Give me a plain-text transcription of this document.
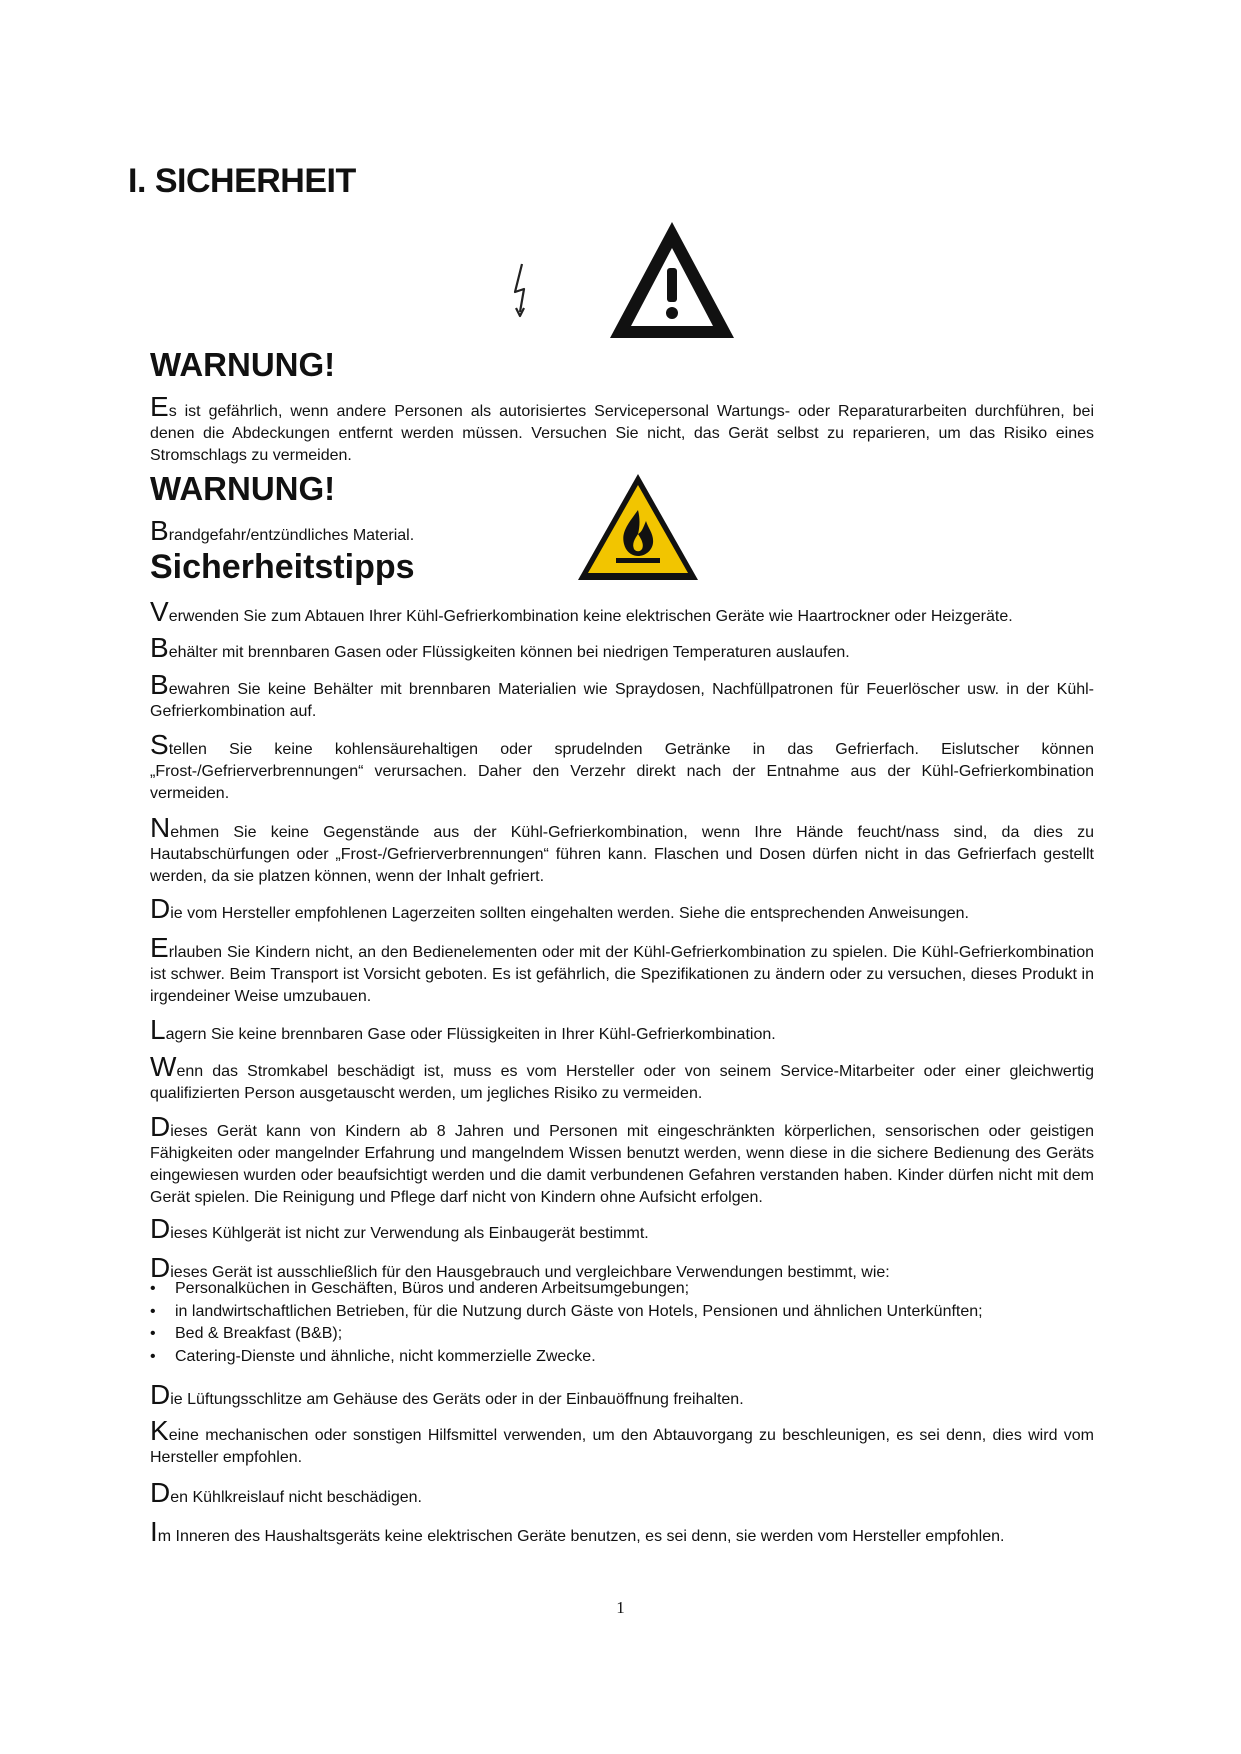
I. SICHERHEIT
WARNUNG!
Es ist gefährlich, wenn andere Personen als autorisiertes Servicepersonal Wartungs- oder Reparaturarbeiten durchführen, bei denen die Abdeckungen entfernt werden müssen. Versuchen Sie nicht, das Gerät selbst zu reparieren, um das Risiko eines Stromschlags zu vermeiden.
WARNUNG!
Brandgefahr/entzündliches Material.
Sicherheitstipps
Verwenden Sie zum Abtauen Ihrer Kühl-Gefrierkombination keine elektrischen Geräte wie Haartrockner oder Heizgeräte.
Behälter mit brennbaren Gasen oder Flüssigkeiten können bei niedrigen Temperaturen auslaufen.
Bewahren Sie keine Behälter mit brennbaren Materialien wie Spraydosen, Nachfüllpatronen für Feuerlöscher usw. in der Kühl-Gefrierkombination auf.
Stellen Sie keine kohlensäurehaltigen oder sprudelnden Getränke in das Gefrierfach. Eislutscher können „Frost-/Gefrierverbrennungen“ verursachen. Daher den Verzehr direkt nach der Entnahme aus der Kühl-Gefrierkombination vermeiden.
Nehmen Sie keine Gegenstände aus der Kühl-Gefrierkombination, wenn Ihre Hände feucht/nass sind, da dies zu Hautabschürfungen oder „Frost-/Gefrierverbrennungen“ führen kann. Flaschen und Dosen dürfen nicht in das Gefrierfach gestellt werden, da sie platzen können, wenn der Inhalt gefriert.
Die vom Hersteller empfohlenen Lagerzeiten sollten eingehalten werden. Siehe die entsprechenden Anweisungen.
Erlauben Sie Kindern nicht, an den Bedienelementen oder mit der Kühl-Gefrierkombination zu spielen. Die Kühl-Gefrierkombination ist schwer. Beim Transport ist Vorsicht geboten. Es ist gefährlich, die Spezifikationen zu ändern oder zu versuchen, dieses Produkt in irgendeiner Weise umzubauen.
Lagern Sie keine brennbaren Gase oder Flüssigkeiten in Ihrer Kühl-Gefrierkombination.
Wenn das Stromkabel beschädigt ist, muss es vom Hersteller oder von seinem Service-Mitarbeiter oder einer gleichwertig qualifizierten Person ausgetauscht werden, um jegliches Risiko zu vermeiden.
Dieses Gerät kann von Kindern ab 8 Jahren und Personen mit eingeschränkten körperlichen, sensorischen oder geistigen Fähigkeiten oder mangelnder Erfahrung und mangelndem Wissen benutzt werden, wenn diese in die sichere Bedienung des Geräts eingewiesen wurden oder beaufsichtigt werden und die damit verbundenen Gefahren verstanden haben. Kinder dürfen nicht mit dem Gerät spielen. Die Reinigung und Pflege darf nicht von Kindern ohne Aufsicht erfolgen.
Dieses Kühlgerät ist nicht zur Verwendung als Einbaugerät bestimmt.
Dieses Gerät ist ausschließlich für den Hausgebrauch und vergleichbare Verwendungen bestimmt, wie:
• Personalküchen in Geschäften, Büros und anderen Arbeitsumgebungen;
• in landwirtschaftlichen Betrieben, für die Nutzung durch Gäste von Hotels, Pensionen und ähnlichen Unterkünften;
• Bed & Breakfast (B&B);
• Catering-Dienste und ähnliche, nicht kommerzielle Zwecke.
Die Lüftungsschlitze am Gehäuse des Geräts oder in der Einbauöffnung freihalten.
Keine mechanischen oder sonstigen Hilfsmittel verwenden, um den Abtauvorgang zu beschleunigen, es sei denn, dies wird vom Hersteller empfohlen.
Den Kühlkreislauf nicht beschädigen.
Im Inneren des Haushaltsgeräts keine elektrischen Geräte benutzen, es sei denn, sie werden vom Hersteller empfohlen.
1
